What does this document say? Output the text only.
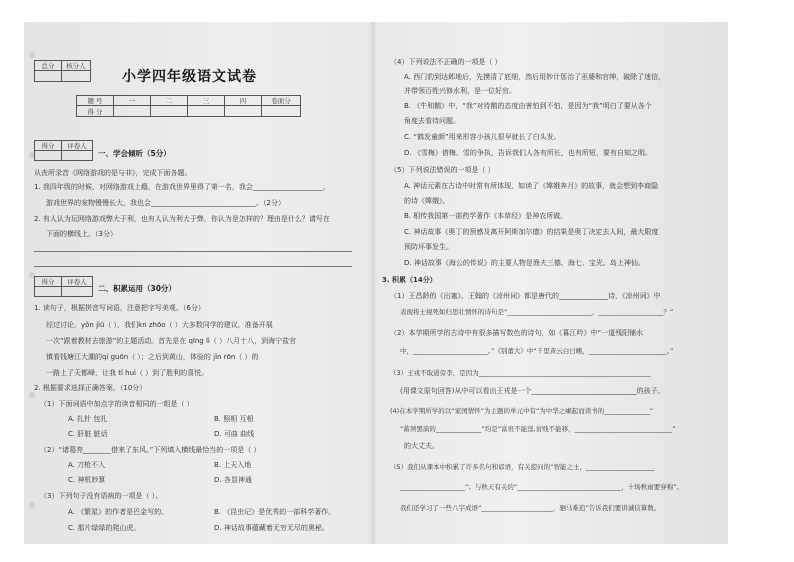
总分	核分人

小学四年级语文试卷
题 号	一	二	三	四	卷面分
得 分					
得分	评卷人

一、学会倾听（5分）
从丧所录音《网络游戏的是与非》，完成下面各题。
1. 我四年级的时候，对网络游戏上瘾，在游戏世界里得了第一名，我会____________________，
游戏世界的宠物慢慢长大，我也会______________________________。（2分）
2. 有人认为玩网络游戏弊大于利，也有人认为利大于弊，你认为是怎样的？理由是什么？请写在
下面的横线上。（3分）
得分	评卷人

二、积累运用（30分）
1. 读句子，根据拼音写词语，注意把字写美观。（6分）
经过讨论，yǒn jiū（ ），我们kn zhōo（ ）大多数同学的建议，准备开展
一次“跟着教材去旅游”的主题活动。首先是在 qīng lì（ ）八月十八，到海宁盐官
镇看钱塘江大潮的qí guōn（ ）；之后到黄山，体验的 jǐn rōn（ ）的
一路上了天都峰，让我 tǐ huì（ ）到了胜利的喜悦。
2. 根据要求选择正确答案。（10分）
（1）下面词语中加点字的读音相同的一组是（ ）
A. 扎针 包扎	B. 照相 互相
C. 肝脏 脏话	D. 可曲 曲线
（2）“诸葛亮________借来了东风。”下列填入横线最恰当的一项是（ ）
A. 刀枪不入	B. 上天入地
C. 神机妙算	D. 各显神通
（3）下列句子没有语病的一项是（ ）。
A. 《繁星》的作者是巴金写的。	B. 《昆虫记》是优秀的一部科学著作。
C. 那片绿绿的爬山虎。	D. 神话故事蕴藏着无穷无尽的奥秘。
（4）下列说法不正确的一项是（ ）
A. 西门豹到达邺地后，先摸清了底细，然后用妙计惩治了巫婆和官绅，破除了迷信，
并带领百姓兴修水利，是一位好官。
B. 《牛和鹅》中，“我”对待鹅的态度由害怕到不怕，是因为“我”明白了要从各个
角度去看待问题。
C. “鹤发童颜”用来形容小孩儿很早就长了白头发。
D. 《雪梅》借梅、雪的争执，告诉我们人各有所长，也有所短，要有自知之明。
（5）下列说法错误的一项是（ ）
A. 神话元素在古诗中时常有所体现，如读了《嫦娥奔月》的故事，就会想到李商隐
的诗《嫦娥》。
B. 相传我国第一部药学著作《本草经》是神农所做。
C. 神话故事《奥丁的预感及离开阿斯加尔德》的结果是奥丁决定去人间，最大限度
预防坏事发生。
D. 神话故事《海公的传说》的主要人物是渔夫三德、海七、宝光、岛上神仙。
3. 积累（14分）
（1）王昌龄的《出塞》、王翰的《凉州词》都是唐代的______________诗，《凉州词》中
表现将士视死如归思壮情怀的诗句是“__________________________，____________________？”
（2）本学期所学的古诗中有很多描写数色的诗句，如《暮江吟》中“一道残阳铺水
中，_______________________。”《别董大》中“千里黄云白日曛，________________________。”
（3）王戎不取道旁李，是因为_____________________________________________________
(用课文原句回答)从中可以看出王戎是一个______________________________的孩子。
(4)在本学期所学的以“家国情怀”为主题的单元中有“为中华之崛起而读书的______________”
“蓄须罢演的______________”均是“富贵不能淫,贫贱不能移，______________________________”
的大丈夫。
（5）我们从课本中积累了许多名句和谚语，有关提问的“智能之士，_____________________
____________________”；与秋天有关的“________________________________，十场秋雨要穿棉”。
我们还学习了一些八字成语“______________________，驷马难追”告诉我们要讲诚信算数。
